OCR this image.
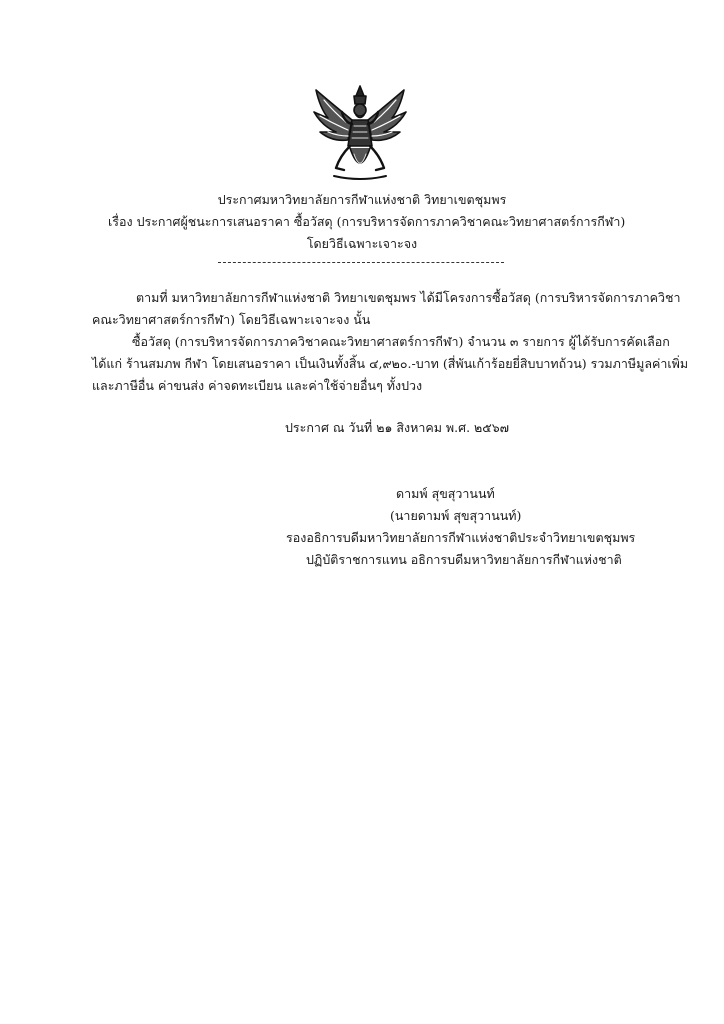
ประกาศมหาวิทยาลัยการกีฬาแห่งชาติ วิทยาเขตชุมพร
เรื่อง ประกาศผู้ชนะการเสนอราคา ซื้อวัสดุ (การบริหารจัดการภาควิชาคณะวิทยาศาสตร์การกีฬา)
โดยวิธีเฉพาะเจาะจง
ตามที่ มหาวิทยาลัยการกีฬาแห่งชาติ วิทยาเขตชุมพร ได้มีโครงการซื้อวัสดุ (การบริหารจัดการภาควิชา
คณะวิทยาศาสตร์การกีฬา) โดยวิธีเฉพาะเจาะจง นั้น
ซื้อวัสดุ (การบริหารจัดการภาควิชาคณะวิทยาศาสตร์การกีฬา) จำนวน ๓ รายการ ผู้ได้รับการคัดเลือก
ได้แก่ ร้านสมภพ กีฬา โดยเสนอราคา เป็นเงินทั้งสิ้น ๔,๙๒๐.-บาท (สี่พันเก้าร้อยยี่สิบบาทถ้วน) รวมภาษีมูลค่าเพิ่ม
และภาษีอื่น ค่าขนส่ง ค่าจดทะเบียน และค่าใช้จ่ายอื่นๆ ทั้งปวง
ประกาศ ณ วันที่ ๒๑ สิงหาคม พ.ศ. ๒๕๖๗
ดามพ์ สุขสุวานนท์
(นายดามพ์ สุขสุวานนท์)
รองอธิการบดีมหาวิทยาลัยการกีฬาแห่งชาติประจำวิทยาเขตชุมพร
ปฏิบัติราชการแทน อธิการบดีมหาวิทยาลัยการกีฬาแห่งชาติ
